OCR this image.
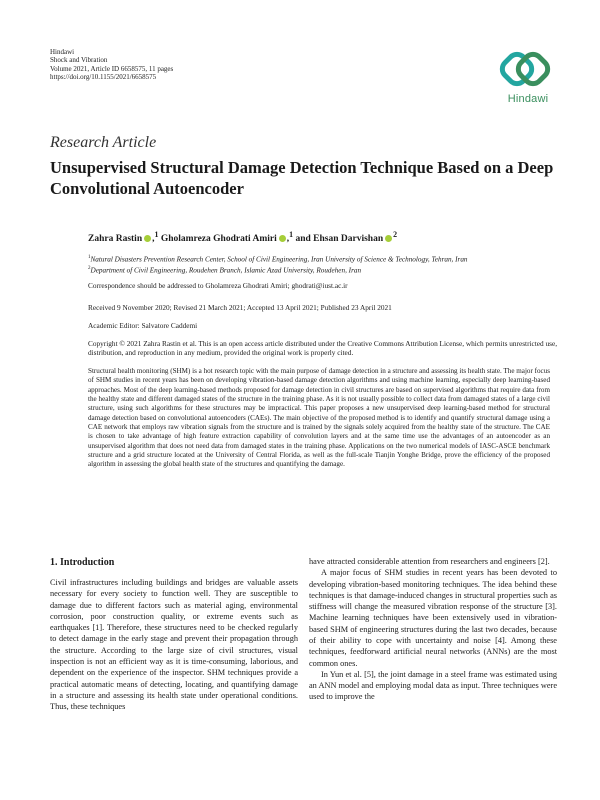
Hindawi
Shock and Vibration
Volume 2021, Article ID 6658575, 11 pages
https://doi.org/10.1155/2021/6658575
Hindawi
Research Article
Unsupervised Structural Damage Detection Technique Based on a Deep Convolutional Autoencoder
Zahra Rastin ,$^1$ Gholamreza Ghodrati Amiri ,$^1$ and Ehsan Darvishan $^2$
$^1$Natural Disasters Prevention Research Center, School of Civil Engineering, Iran University of Science & Technology, Tehran, Iran
$^2$Department of Civil Engineering, Roudehen Branch, Islamic Azad University, Roudehen, Iran
Correspondence should be addressed to Gholamreza Ghodrati Amiri; ghodrati@iust.ac.ir
Received 9 November 2020; Revised 21 March 2021; Accepted 13 April 2021; Published 23 April 2021
Academic Editor: Salvatore Caddemi
Copyright © 2021 Zahra Rastin et al. This is an open access article distributed under the Creative Commons Attribution License, which permits unrestricted use, distribution, and reproduction in any medium, provided the original work is properly cited.
Structural health monitoring (SHM) is a hot research topic with the main purpose of damage detection in a structure and assessing its health state. The major focus of SHM studies in recent years has been on developing vibration-based damage detection algorithms and using machine learning, especially deep learning-based approaches. Most of the deep learning-based methods proposed for damage detection in civil structures are based on supervised algorithms that require data from the healthy state and different damaged states of the structure in the training phase. As it is not usually possible to collect data from damaged states of a large civil structure, using such algorithms for these structures may be impractical. This paper proposes a new unsupervised deep learning-based method for structural damage detection based on convolutional autoencoders (CAEs). The main objective of the proposed method is to identify and quantify structural damage using a CAE network that employs raw vibration signals from the structure and is trained by the signals solely acquired from the healthy state of the structure. The CAE is chosen to take advantage of high feature extraction capability of convolution layers and at the same time use the advantages of an autoencoder as an unsupervised algorithm that does not need data from damaged states in the training phase. Applications on the two numerical models of IASC-ASCE benchmark structure and a grid structure located at the University of Central Florida, as well as the full-scale Tianjin Yonghe Bridge, prove the efficiency of the proposed algorithm in assessing the global health state of the structures and quantifying the damage.
1. Introduction

Civil infrastructures including buildings and bridges are valuable assets necessary for every society to function well. They are susceptible to damage due to different factors such as material aging, environmental corrosion, poor construction quality, or extreme events such as earthquakes [1]. Therefore, these structures need to be checked regularly to detect damage in the early stage and prevent their propagation through the structure. According to the large size of civil structures, visual inspection is not an efficient way as it is time-consuming, laborious, and dependent on the experience of the inspector. SHM techniques provide a practical automatic means of detecting, locating, and quantifying damage in a structure and assessing its health state under operational conditions. Thus, these techniques

have attracted considerable attention from researchers and engineers [2].

A major focus of SHM studies in recent years has been devoted to developing vibration-based monitoring techniques. The idea behind these techniques is that damage-induced changes in structural properties such as stiffness will change the measured vibration response of the structure [3]. Machine learning techniques have been extensively used in vibration-based SHM of engineering structures during the last two decades, because of their ability to cope with uncertainty and noise [4]. Among these techniques, feedforward artificial neural networks (ANNs) are the most common ones.

In Yun et al. [5], the joint damage in a steel frame was estimated using an ANN model and employing modal data as input. Three techniques were used to improve the
